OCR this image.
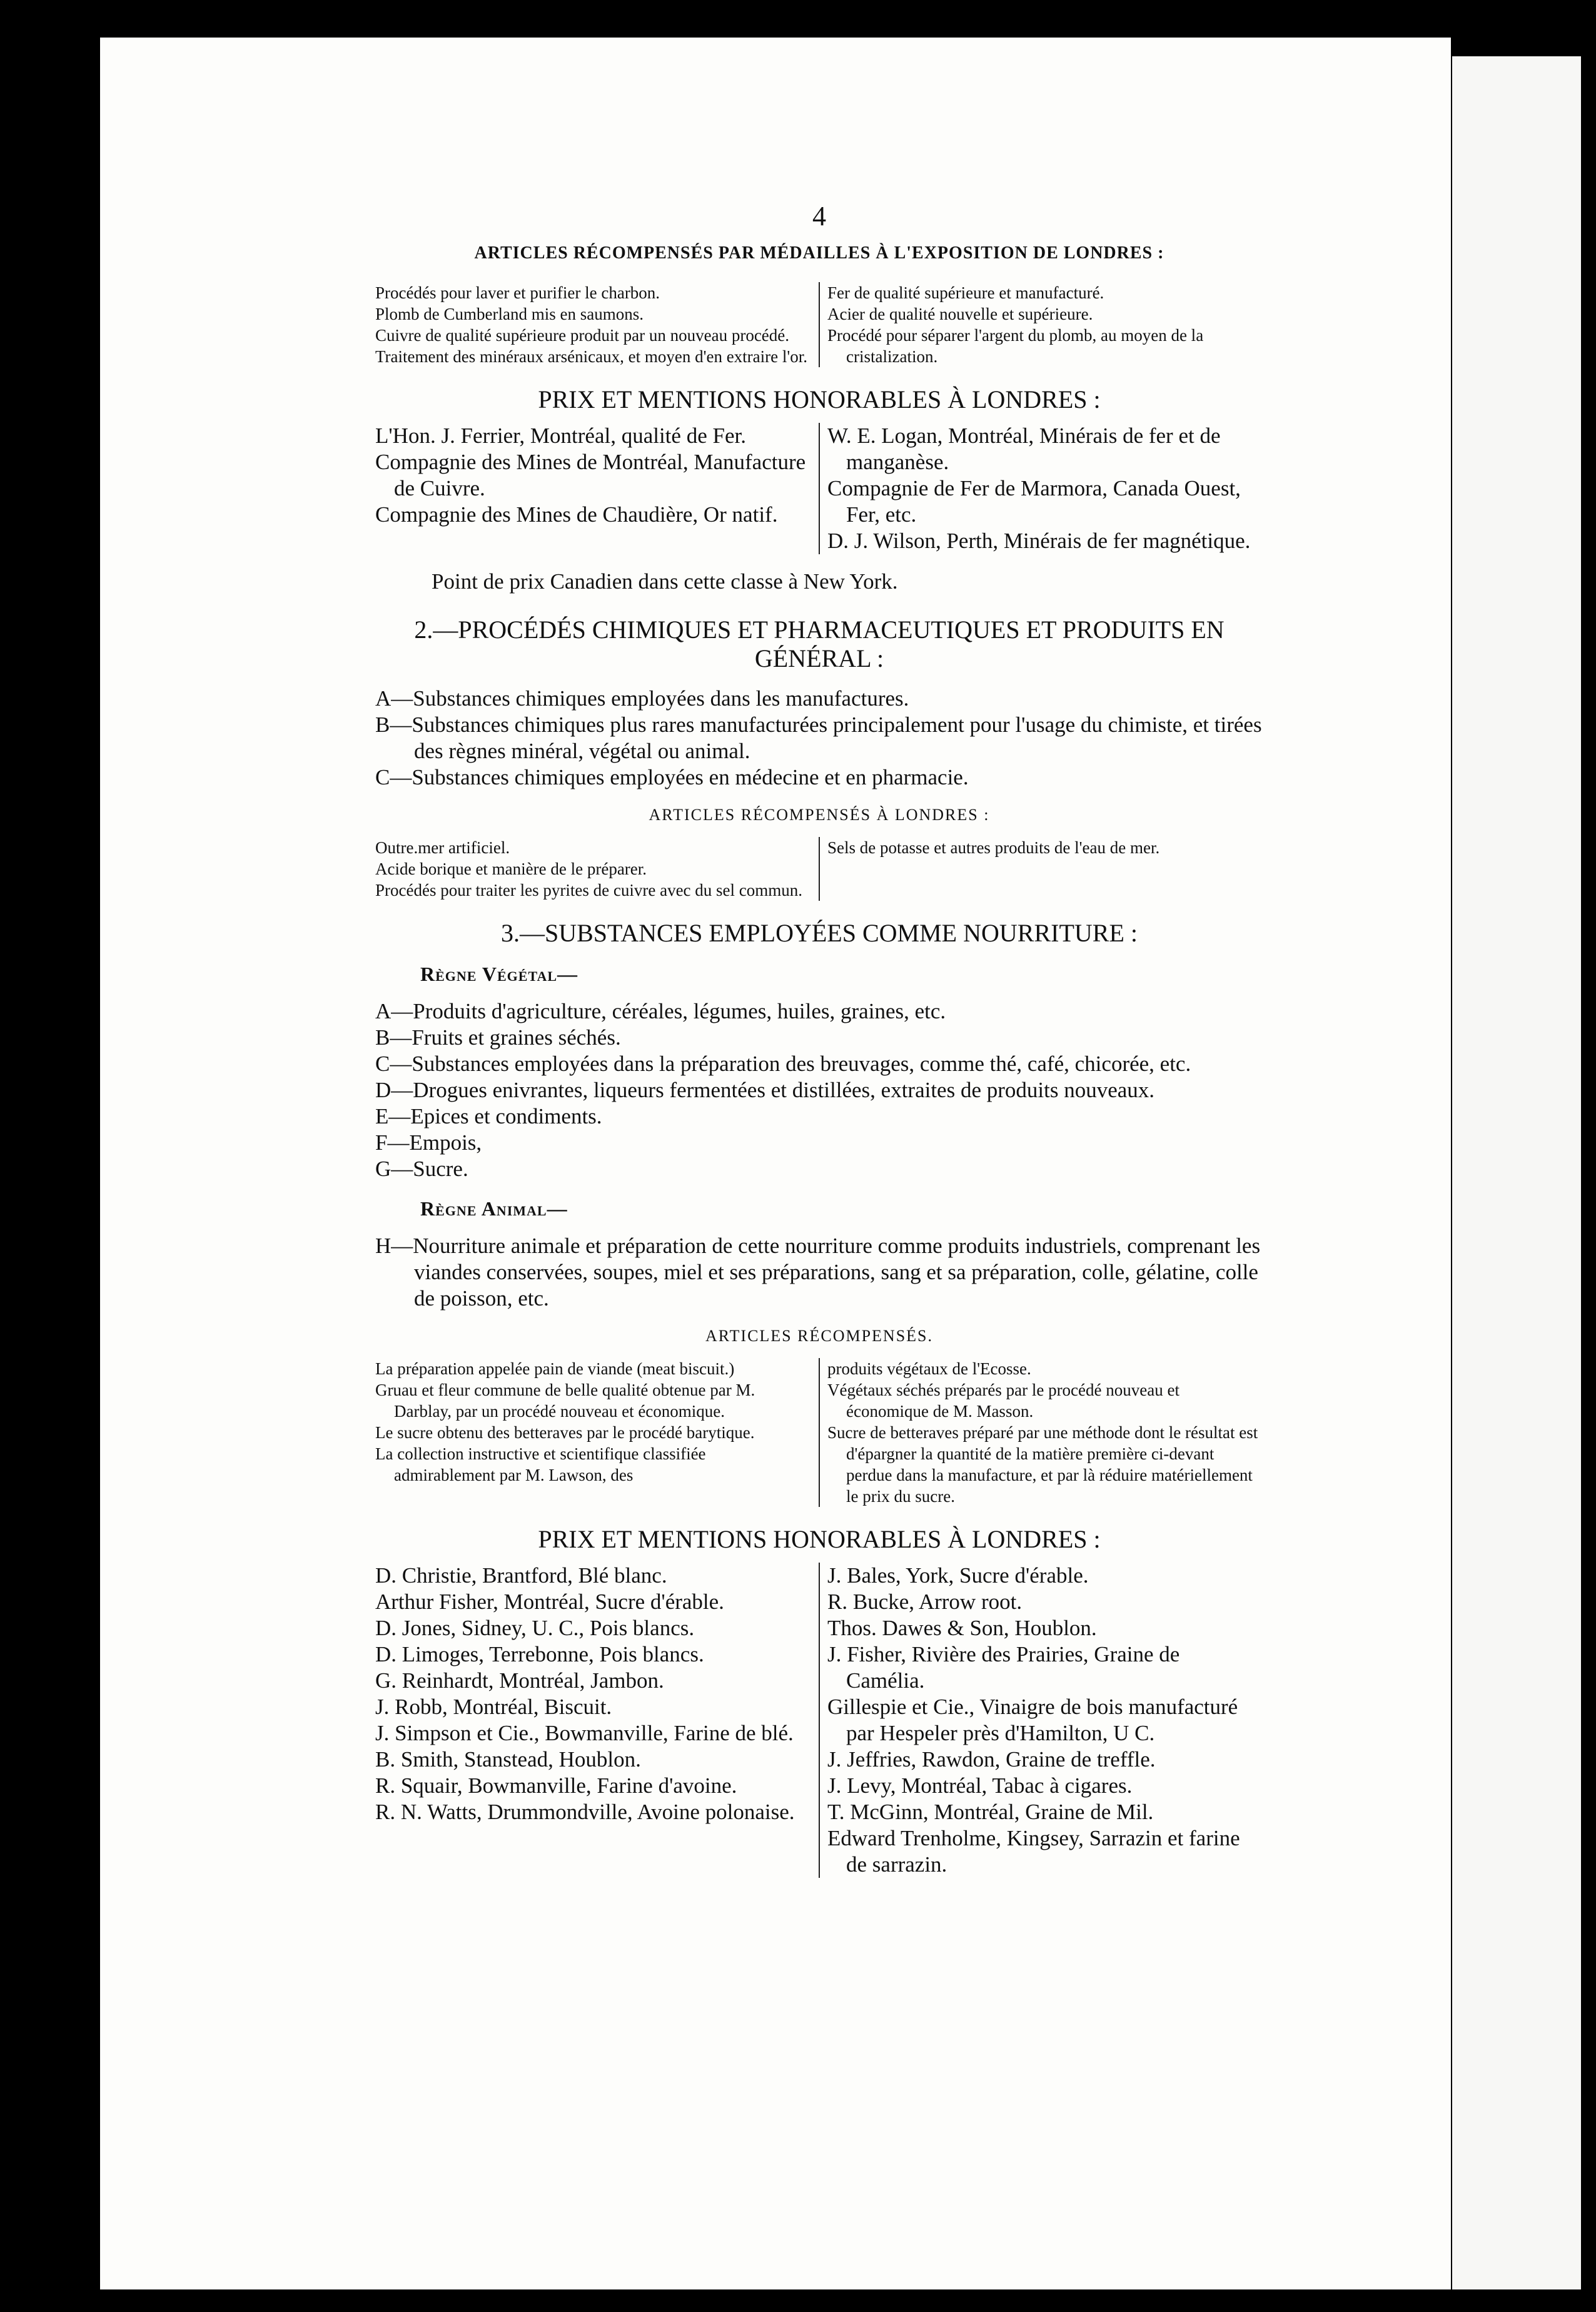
4
ARTICLES RÉCOMPENSÉS PAR MÉDAILLES À L'EXPOSITION DE LONDRES :
Procédés pour laver et purifier le charbon.
Plomb de Cumberland mis en saumons.
Cuivre de qualité supérieure produit par un nouveau procédé.
Traitement des minéraux arsénicaux, et moyen d'en extraire l'or.
Fer de qualité supérieure et manufacturé.
Acier de qualité nouvelle et supérieure.
Procédé pour séparer l'argent du plomb, au moyen de la cristalization.
PRIX ET MENTIONS HONORABLES À LONDRES :
L'Hon. J. Ferrier, Montréal, qualité de Fer.
Compagnie des Mines de Montréal, Manufacture de Cuivre.
Compagnie des Mines de Chaudière, Or natif.
W. E. Logan, Montréal, Minérais de fer et de manganèse.
Compagnie de Fer de Marmora, Canada Ouest, Fer, etc.
D. J. Wilson, Perth, Minérais de fer magnétique.
Point de prix Canadien dans cette classe à New York.
2.—PROCÉDÉS CHIMIQUES ET PHARMACEUTIQUES ET PRODUITS EN GÉNÉRAL :
A—Substances chimiques employées dans les manufactures.
B—Substances chimiques plus rares manufacturées principalement pour l'usage du chimiste, et tirées des règnes minéral, végétal ou animal.
C—Substances chimiques employées en médecine et en pharmacie.
ARTICLES RÉCOMPENSÉS À LONDRES :
Outre.mer artificiel.
Acide borique et manière de le préparer.
Procédés pour traiter les pyrites de cuivre avec du sel commun.
Sels de potasse et autres produits de l'eau de mer.
3.—SUBSTANCES EMPLOYÉES COMME NOURRITURE :
Règne Végétal—
A—Produits d'agriculture, céréales, légumes, huiles, graines, etc.
B—Fruits et graines séchés.
C—Substances employées dans la préparation des breuvages, comme thé, café, chicorée, etc.
D—Drogues enivrantes, liqueurs fermentées et distillées, extraites de produits nouveaux.
E—Epices et condiments.
F—Empois,
G—Sucre.
Règne Animal—
H—Nourriture animale et préparation de cette nourriture comme produits industriels, comprenant les viandes conservées, soupes, miel et ses préparations, sang et sa préparation, colle, gélatine, colle de poisson, etc.
ARTICLES RÉCOMPENSÉS.
La préparation appelée pain de viande (meat biscuit.)
Gruau et fleur commune de belle qualité obtenue par M. Darblay, par un procédé nouveau et économique.
Le sucre obtenu des betteraves par le procédé barytique.
La collection instructive et scientifique classifiée admirablement par M. Lawson, des
produits végétaux de l'Ecosse.
Végétaux séchés préparés par le procédé nouveau et économique de M. Masson.
Sucre de betteraves préparé par une méthode dont le résultat est d'épargner la quantité de la matière première ci-devant perdue dans la manufacture, et par là réduire matériellement le prix du sucre.
PRIX ET MENTIONS HONORABLES À LONDRES :
D. Christie, Brantford, Blé blanc.
Arthur Fisher, Montréal, Sucre d'érable.
D. Jones, Sidney, U. C., Pois blancs.
D. Limoges, Terrebonne, Pois blancs.
G. Reinhardt, Montréal, Jambon.
J. Robb, Montréal, Biscuit.
J. Simpson et Cie., Bowmanville, Farine de blé.
B. Smith, Stanstead, Houblon.
R. Squair, Bowmanville, Farine d'avoine.
R. N. Watts, Drummondville, Avoine polonaise.
J. Bales, York, Sucre d'érable.
R. Bucke, Arrow root.
Thos. Dawes & Son, Houblon.
J. Fisher, Rivière des Prairies, Graine de Camélia.
Gillespie et Cie., Vinaigre de bois manufacturé par Hespeler près d'Hamilton, U C.
J. Jeffries, Rawdon, Graine de treffle.
J. Levy, Montréal, Tabac à cigares.
T. McGinn, Montréal, Graine de Mil.
Edward Trenholme, Kingsey, Sarrazin et farine de sarrazin.
